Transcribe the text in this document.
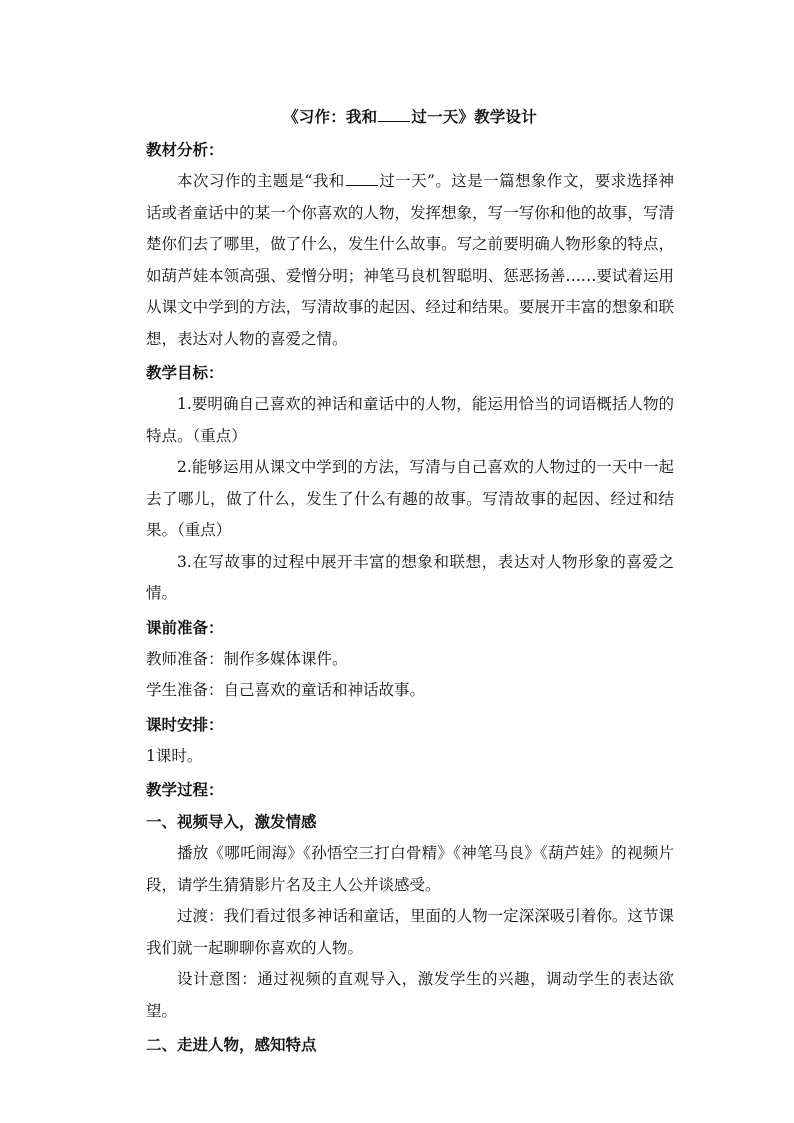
《习作：我和 过一天》教学设计

教材分析：

本次习作的主题是“我和 过一天”。这是一篇想象作文，要求选择神话或者童话中的某一个你喜欢的人物，发挥想象，写一写你和他的故事，写清楚你们去了哪里，做了什么，发生什么故事。写之前要明确人物形象的特点，如葫芦娃本领高强、爱憎分明；神笔马良机智聪明、惩恶扬善……要试着运用从课文中学到的方法，写清故事的起因、经过和结果。要展开丰富的想象和联想，表达对人物的喜爱之情。

教学目标：

1.要明确自己喜欢的神话和童话中的人物，能运用恰当的词语概括人物的特点。（重点）

2.能够运用从课文中学到的方法，写清与自己喜欢的人物过的一天中一起去了哪儿，做了什么，发生了什么有趣的故事。写清故事的起因、经过和结果。（重点）

3.在写故事的过程中展开丰富的想象和联想，表达对人物形象的喜爱之情。

课前准备：

教师准备：制作多媒体课件。

学生准备：自己喜欢的童话和神话故事。

课时安排：

1课时。

教学过程：

一、视频导入，激发情感

播放《哪吒闹海》《孙悟空三打白骨精》《神笔马良》《葫芦娃》的视频片段，请学生猜猜影片名及主人公并谈感受。

过渡：我们看过很多神话和童话，里面的人物一定深深吸引着你。这节课我们就一起聊聊你喜欢的人物。

设计意图：通过视频的直观导入，激发学生的兴趣，调动学生的表达欲望。

二、走进人物，感知特点
